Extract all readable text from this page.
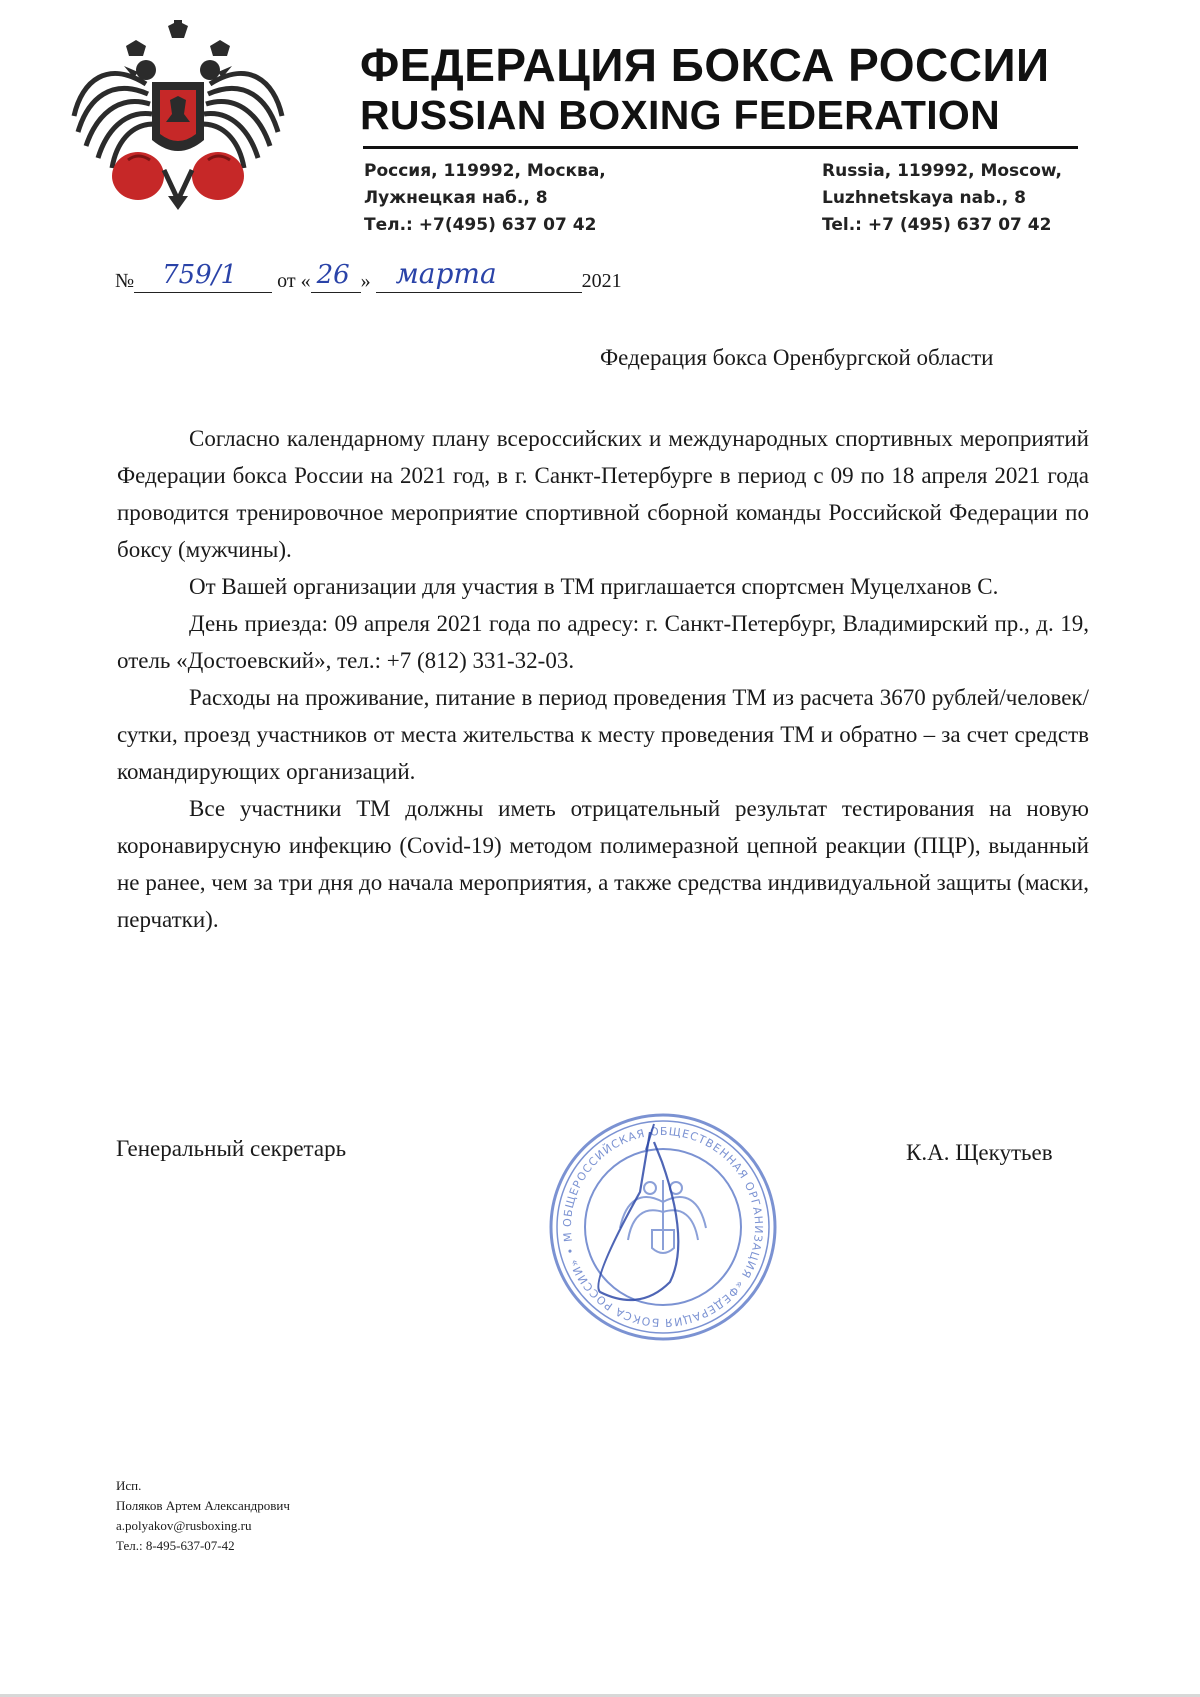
ФЕДЕРАЦИЯ БОКСА РОССИИ
RUSSIAN BOXING FEDERATION
Россия, 119992, Москва,
Лужнецкая наб., 8
Тел.: +7(495) 637 07 42
Russia, 119992, Moscow,
Luzhnetskaya nab., 8
Tel.: +7 (495) 637 07 42
№ 759/1 от « 26 » марта	2021
Федерация бокса Оренбургской области

Согласно календарному плану всероссийских и международных спортивных мероприятий Федерации бокса России на 2021 год, в г. Санкт-Петербурге в период с 09 по 18 апреля 2021 года проводится тренировочное мероприятие спортивной сборной команды Российской Федерации по боксу (мужчины).

От Вашей организации для участия в ТМ приглашается спортсмен Муцелханов С.

День приезда: 09 апреля 2021 года по адресу: г. Санкт-Петербург, Владимирский пр., д. 19, отель «Достоевский», тел.: +7 (812) 331-32-03.

Расходы на проживание, питание в период проведения ТМ из расчета 3670 рублей/человек/сутки, проезд участников от места жительства к месту проведения ТМ и обратно – за счет средств командирующих организаций.

Все участники ТМ должны иметь отрицательный результат тестирования на новую коронавирусную инфекцию (Covid-19) методом полимеразной цепной реакции (ПЦР), выданный не ранее, чем за три дня до начала мероприятия, а также средства индивидуальной защиты (маски, перчатки).

Генеральный секретарь
ОБЩЕРОССИЙСКАЯ ОБЩЕСТВЕННАЯ ОРГАНИЗАЦИЯ «ФЕДЕРАЦИЯ БОКСА РОССИИ» • М
К.А. Щекутьев
Исп.
Поляков Артем Александрович
a.polyakov@rusboxing.ru
Тел.: 8-495-637-07-42
